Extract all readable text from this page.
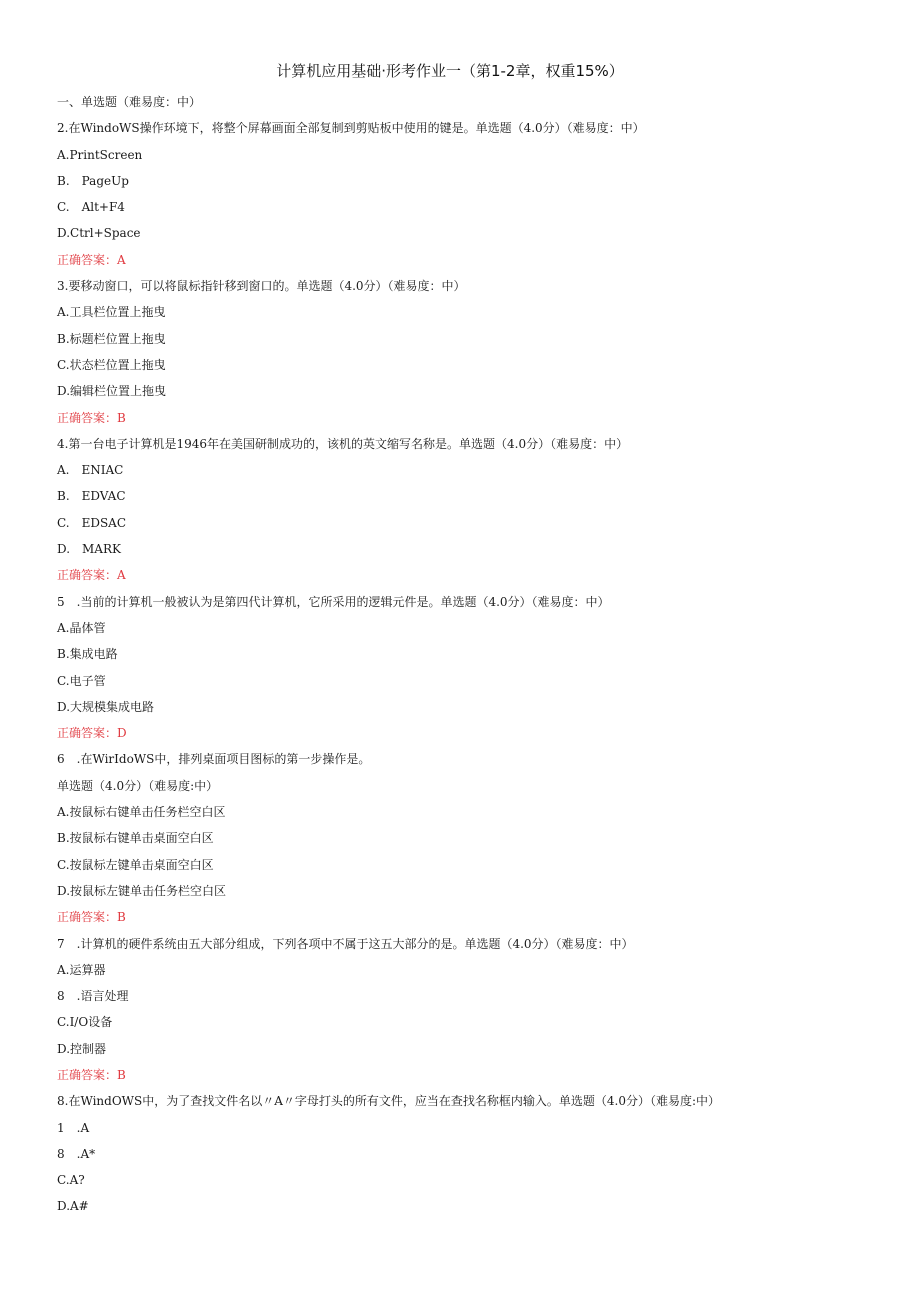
计算机应用基础·形考作业一（第1-2章，权重15%）
一、单选题（难易度：中）
2.在WindoWS操作环境下，将整个屏幕画面全部复制到剪贴板中使用的键是。单选题（4.0分）（难易度：中）
A.PrintScreen
B.　PageUp
C.　Alt+F4
D.Ctrl+Space
正确答案：A
3.要移动窗口，可以将鼠标指针移到窗口的。单选题（4.0分）（难易度：中）
A.工具栏位置上拖曳
B.标题栏位置上拖曳
C.状态栏位置上拖曳
D.编辑栏位置上拖曳
正确答案：B
4.第一台电子计算机是1946年在美国研制成功的，该机的英文缩写名称是。单选题（4.0分）（难易度：中）
A.　ENIAC
B.　EDVAC
C.　EDSAC
D.　MARK
正确答案：A
5　.当前的计算机一般被认为是第四代计算机，它所采用的逻辑元件是。单选题（4.0分）（难易度：中）
A.晶体管
B.集成电路
C.电子管
D.大规模集成电路
正确答案：D
6　.在WirIdoWS中，排列桌面项目图标的第一步操作是。
单选题（4.0分）（难易度:中）
A.按鼠标右键单击任务栏空白区
B.按鼠标右键单击桌面空白区
C.按鼠标左键单击桌面空白区
D.按鼠标左键单击任务栏空白区
正确答案：B
7　.计算机的硬件系统由五大部分组成，下列各项中不属于这五大部分的是。单选题（4.0分）（难易度：中）
A.运算器
8　.语言处理
C.I/O设备
D.控制器
正确答案：B
8.在WindOWS中，为了查找文件名以〃A〃字母打头的所有文件，应当在查找名称框内输入。单选题（4.0分）（难易度:中）
1　.A
8　.A*
C.A?
D.A#
